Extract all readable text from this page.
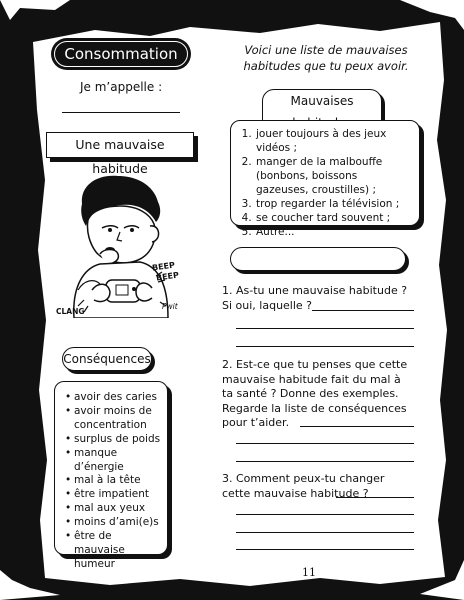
Consommation
Je m’appelle :
Voici une liste de mauvaises habitudes que tu peux avoir.
Une mauvaise habitude
BEEP
BEEP
CLANG
Pwit
Mauvaises
1. jouer toujours à des jeux vidéos ;
2. manger de la malbouffe (bonbons, boissons gazeuses, croustilles) ;
3. trop regarder la télévision ;
4. se coucher tard souvent ;
5. Autre...
1. As-tu une mauvaise habitude ?
Si oui, laquelle ?
2. Est-ce que tu penses que cette mauvaise habitude fait du mal à ta santé ? Donne des exemples. Regarde la liste de conséquences pour t’aider.
3. Comment peux-tu changer cette mauvaise habitude ?
Conséquences
• avoir des caries
• avoir moins de concentration
• surplus de poids
• manque d’énergie
• mal à la tête
• être impatient
• mal aux yeux
• moins d’ami(e)s
• être de mauvaise humeur
11
